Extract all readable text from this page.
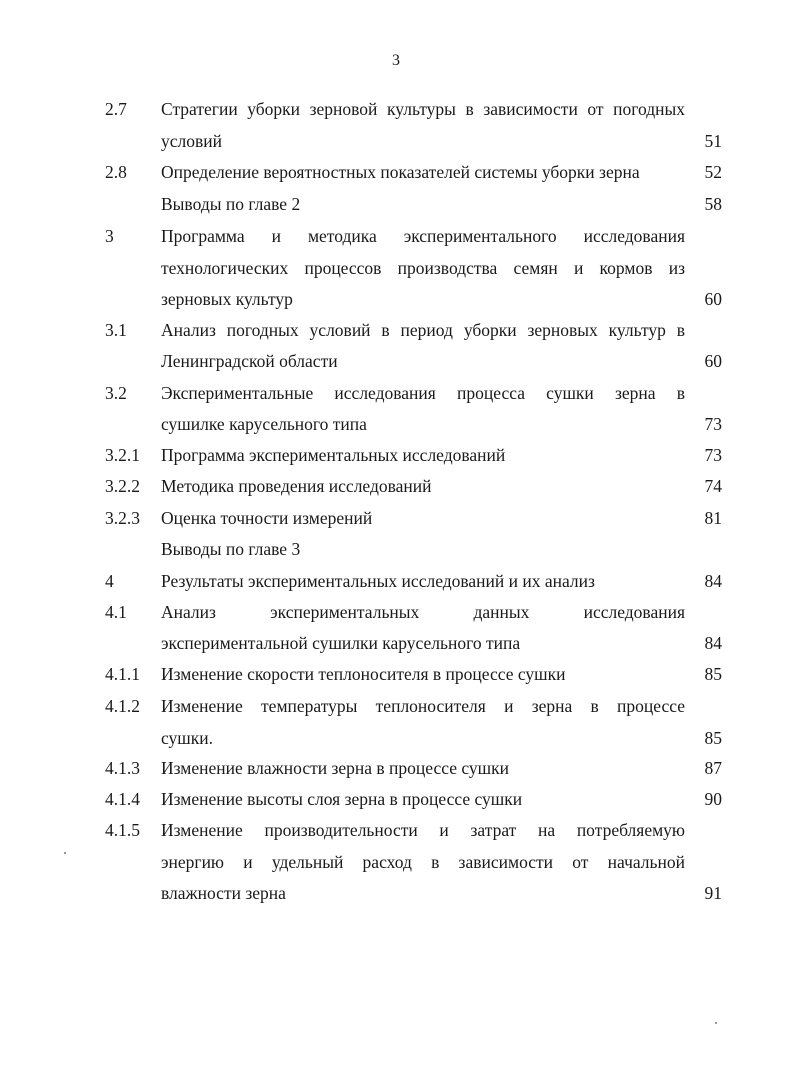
3
2.7 Стратегии уборки зерновой культуры в зависимости от погодных
условий	51
2.8 Определение вероятностных показателей системы уборки зерна	52
Выводы по главе 2	58
3	Программа и методика экспериментального исследования
технологических процессов производства семян и кормов из
зерновых культур	60
3.1 Анализ погодных условий в период уборки зерновых культур в
Ленинградской области	60
3.2 Экспериментальные исследования процесса сушки зерна в
сушилке карусельного типа	73
3.2.1 Программа экспериментальных исследований	73
3.2.2 Методика проведения исследований	74
3.2.3 Оценка точности измерений	81
Выводы по главе 3
4	Результаты экспериментальных исследований и их анализ	84
4.1 Анализ экспериментальных данных исследования
экспериментальной сушилки карусельного типа	84
4.1.1 Изменение скорости теплоносителя в процессе сушки	85
4.1.2 Изменение температуры теплоносителя и зерна в процессе
сушки.	85
4.1.3 Изменение влажности зерна в процессе сушки	87
4.1.4 Изменение высоты слоя зерна в процессе сушки	90
4.1.5 Изменение производительности и затрат на потребляемую
энергию и удельный расход в зависимости от начальной
влажности зерна	91
